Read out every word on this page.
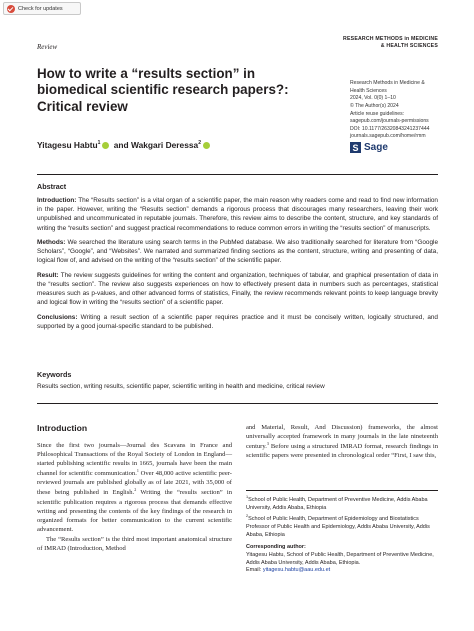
Check for updates
Review
RESEARCH METHODS in MEDICINE & HEALTH SCIENCES
How to write a “results section” in biomedical scientific research papers?: Critical review
Research Methods in Medicine &
Health Sciences
2024, Vol. 0(0) 1–10
© The Author(s) 2024
Article reuse guidelines:
sagepub.com/journals-permissions
DOI: 10.1177/26320843241237444
journals.sagepub.com/home/rmm
S Sage
Yitagesu Habtu$^1$ and Wakgari Deressa$^2$
Abstract

Introduction: The “Results section” is a vital organ of a scientific paper, the main reason why readers come and read to find new information in the paper. However, writing the “Results section” demands a rigorous process that discourages many researchers, leaving their work unpublished and uncommunicated in reputable journals. Therefore, this review aims to describe the content, structure, and key standards of writing the “results section” and suggest practical recommendations to reduce common errors in writing the “results section” of manuscripts.

Methods: We searched the literature using search terms in the PubMed database. We also traditionally searched for literature from “Google Scholars”, “Google”, and “Websites”. We narrated and summarized finding sections as the content, structure, writing and presenting of data, logical flow of, and advised on the writing of the “results section” of the scientific paper.

Result: The review suggests guidelines for writing the content and organization, techniques of tabular, and graphical presentation of data in the “results section”. The review also suggests experiences on how to effectively present data in numbers such as percentages, statistical measures such as p-values, and other advanced forms of statistics, Finally, the review recommends relevant points to keep language brevity and logical flow in writing the “results section” of a scientific paper.

Conclusions: Writing a result section of a scientific paper requires practice and it must be concisely written, logically structured, and supported by a good journal-specific standard to be published.

Keywords
Results section, writing results, scientific paper, scientific writing in health and medicine, critical review
Introduction

Since the first two journals—Journal des Scavans in France and Philosophical Transactions of the Royal Society of London in England—started publishing scientific results in 1665, journals have been the main channel for scientific communication.$^1$ Over 48,000 active scientific peer-reviewed journals are published globally as of late 2021, with 35,000 of these being published in English.$^2$ Writing the “results section” in scientific publication requires a rigorous process that demands effective writing and presenting the contents of the key findings of the research in organized formats for better communication to the current scientific advancement.

The “Results section” is the third most important anatomical structure of IMRAD (Introduction, Method

and Material, Result, And Discussion) frameworks, the almost universally accepted framework in many journals in the late nineteenth century.$^3$ Before using a structured IMRAD format, research findings in scientific papers were presented in chronological order “First, I saw this,

$^1$School of Public Health, Department of Preventive Medicine, Addis Ababa University, Addis Ababa, Ethiopia

$^2$School of Public Health, Department of Epidemiology and Biostatistics Professor of Public Health and Epidemiology, Addis Ababa University, Addis Ababa, Ethiopia

Corresponding author:
Yitagesu Habtu, School of Public Health, Department of Preventive Medicine, Addis Ababa University, Addis Ababa, Ethiopia.
Email: yitagesu.habtu@aau.edu.et
